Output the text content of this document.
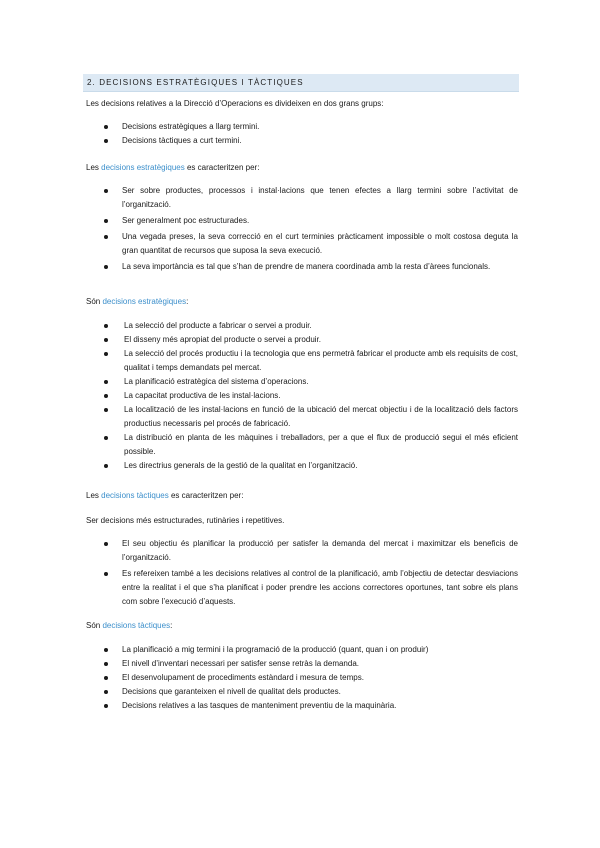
2. DECISIONS ESTRATÈGIQUES I TÀCTIQUES
Les decisions relatives a la Direcció d’Operacions es divideixen en dos grans grups:
Decisions estratègiques a llarg termini.
Decisions tàctiques a curt termini.
Les decisions estratègiques es caracteritzen per:
Ser sobre productes, processos i instal·lacions que tenen efectes a llarg termini sobre l’activitat de l’organització.
Ser generalment poc estructurades.
Una vegada preses, la seva correcció en el curt terminies pràcticament impossible o molt costosa deguta la gran quantitat de recursos que suposa la seva execució.
La seva importància es tal que s’han de prendre de manera coordinada amb la resta d’àrees funcionals.
Són decisions estratègiques:
La selecció del producte a fabricar o servei a produir.
El disseny més apropiat del producte o servei a produir.
La selecció del procés productiu i la tecnologia que ens permetrà fabricar el producte amb els requisits de cost, qualitat i temps demandats pel mercat.
La planificació estratègica del sistema d’operacions.
La capacitat productiva de les instal·lacions.
La localització de les instal·lacions en funció de la ubicació del mercat objectiu i de la localització dels factors productius necessaris pel procés de fabricació.
La distribució en planta de les màquines i treballadors, per a que el flux de producció segui el més eficient possible.
Les directrius generals de la gestió de la qualitat en l’organització.
Les decisions tàctiques es caracteritzen per:
Ser decisions més estructurades, rutinàries i repetitives.
El seu objectiu és planificar la producció per satisfer la demanda del mercat i maximitzar els beneficis de l’organització.
Es refereixen també a les decisions relatives al control de la planificació, amb l’objectiu de detectar desviacions entre la realitat i el que s’ha planificat i poder prendre les accions correctores oportunes, tant sobre els plans com sobre l’execució d’aquests.
Són decisions tàctiques:
La planificació a mig termini i la programació de la producció (quant, quan i on produir)
El nivell d’inventari necessari per satisfer sense retràs la demanda.
El desenvolupament de procediments estàndard i mesura de temps.
Decisions que garanteixen el nivell de qualitat dels productes.
Decisions relatives a las tasques de manteniment preventiu de la maquinària.
